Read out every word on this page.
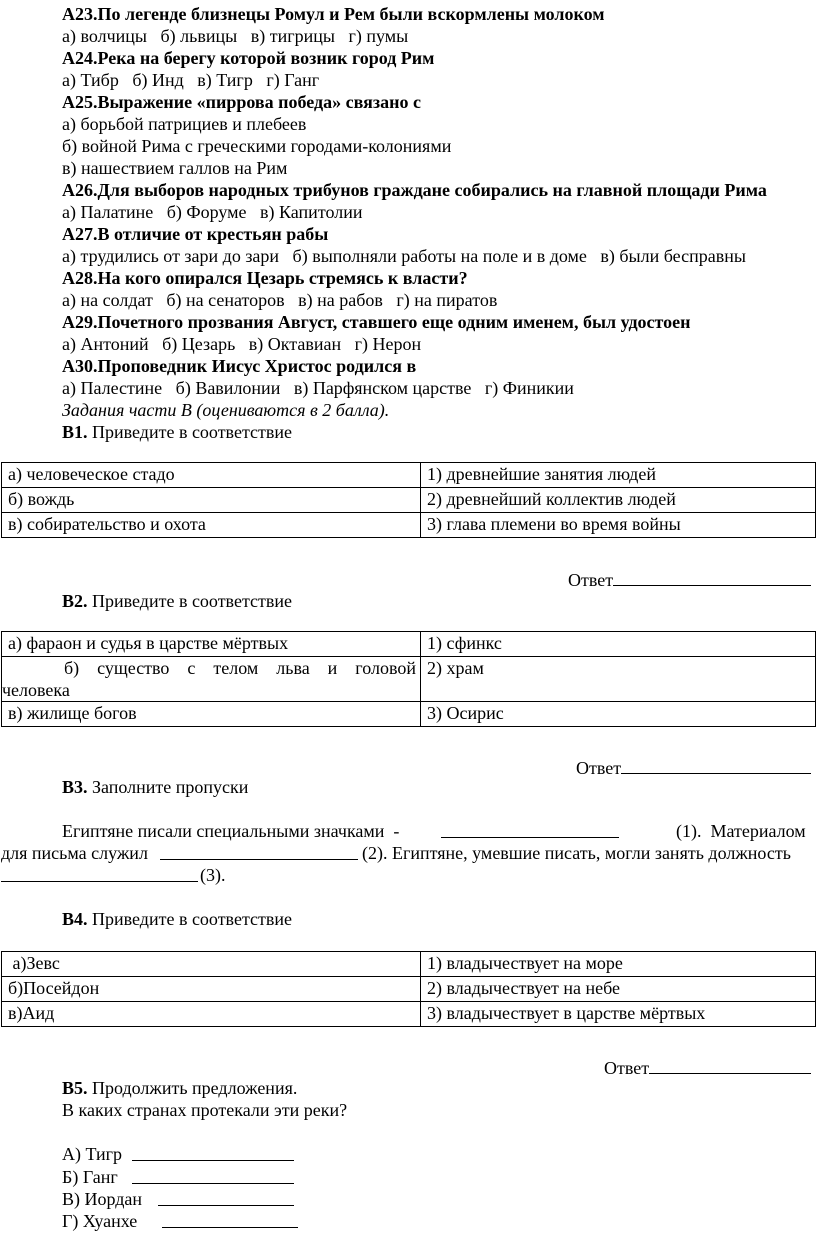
А23.По легенде близнецы Ромул и Рем были вскормлены молоком
а) волчицы   б) львицы   в) тигрицы   г) пумы
А24.Река на берегу которой возник город Рим
а) Тибр   б) Инд   в) Тигр   г) Ганг
А25.Выражение «пиррова победа» связано с
а) борьбой патрициев и плебеев
б) войной Рима с греческими городами-колониями
в) нашествием галлов на Рим
А26.Для выборов народных трибунов граждане собирались на главной площади Рима
а) Палатине   б) Форуме   в) Капитолии
А27.В отличие от крестьян рабы
а) трудились от зари до зари   б) выполняли работы на поле и в доме   в) были бесправны
А28.На кого опирался Цезарь стремясь к власти?
а) на солдат   б) на сенаторов   в) на рабов   г) на пиратов
А29.Почетного прозвания Август, ставшего еще одним именем, был удостоен
а) Антоний   б) Цезарь   в) Октавиан   г) Нерон
А30.Проповедник Иисус Христос родился в
а) Палестине   б) Вавилонии   в) Парфянском царстве   г) Финикии
Задания части В (оцениваются в 2 балла).
В1. Приведите в соответствие
а) человеческое стадо	1) древнейшие занятия людей
б) вождь	2) древнейший коллектив людей
в) собирательство и охота	3) глава племени во время войны
Ответ
В2. Приведите в соответствие
а) фараон и судья в царстве мёртвых	1) сфинкс

б)   существо   с   телом   льва   и   головой
человека	2) храм
в) жилище богов	3) Осирис
Ответ
В3. Заполните пропуски
Египтяне писали специальными значками  -	(1).  Материалом
для письма служил	(2). Египтяне, умевшие писать, могли занять должность
(3).
В4. Приведите в соответствие
а)Зевс	1) владычествует на море
б)Посейдон	2) владычествует на небе
в)Аид	3) владычествует в царстве мёртвых
Ответ
В5. Продолжить предложения.
В каких странах протекали эти реки?
А) Тигр
Б) Ганг
В) Иордан
Г) Хуанхе
